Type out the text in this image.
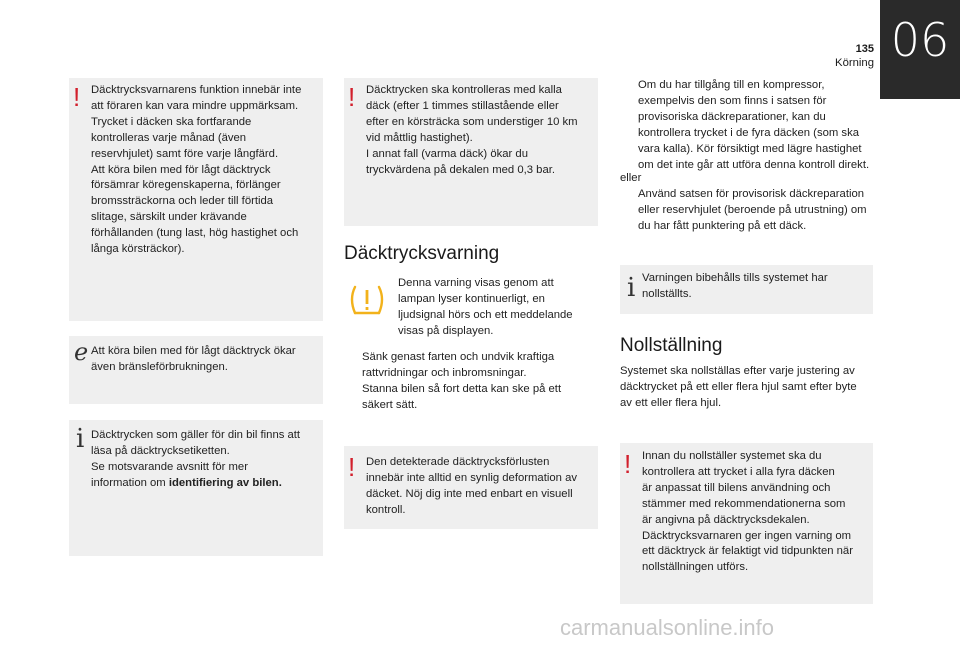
135
Körning 06
! Däcktrycksvarnarens funktion innebär inte
att föraren kan vara mindre uppmärksam.
Trycket i däcken ska fortfarande
kontrolleras varje månad (även
reservhjulet) samt före varje långfärd.
Att köra bilen med för lågt däcktryck
försämrar köregenskaperna, förlänger
bromssträckorna och leder till förtida
slitage, särskilt under krävande
förhållanden (tung last, hög hastighet och
långa körsträckor).
ℯ Att köra bilen med för lågt däcktryck ökar
även bränsleförbrukningen.
i Däcktrycken som gäller för din bil finns att
läsa på däcktrycksetiketten.
Se motsvarande avsnitt för mer
information om identifiering av bilen.
! Däcktrycken ska kontrolleras med kalla
däck (efter 1 timmes stillastående eller
efter en körsträcka som understiger 10 km
vid måttlig hastighet).
I annat fall (varma däck) ökar du
tryckvärdena på dekalen med 0,3 bar.
Däcktrycksvarning
Denna varning visas genom att
lampan lyser kontinuerligt, en
ljudsignal hörs och ett meddelande
visas på displayen.
Sänk genast farten och undvik kraftiga
rattvridningar och inbromsningar.
Stanna bilen så fort detta kan ske på ett
säkert sätt.
! Den detekterade däcktrycksförlusten
innebär inte alltid en synlig deformation av
däcket. Nöj dig inte med enbart en visuell
kontroll.
Om du har tillgång till en kompressor,
exempelvis den som finns i satsen för
provisoriska däckreparationer, kan du
kontrollera trycket i de fyra däcken (som ska
vara kalla). Kör försiktigt med lägre hastighet
om det inte går att utföra denna kontroll direkt.
eller
Använd satsen för provisorisk däckreparation
eller reservhjulet (beroende på utrustning) om
du har fått punktering på ett däck.
i Varningen bibehålls tills systemet har
nollställts.
Nollställning
Systemet ska nollställas efter varje justering av
däcktrycket på ett eller flera hjul samt efter byte
av ett eller flera hjul.
! Innan du nollställer systemet ska du
kontrollera att trycket i alla fyra däcken
är anpassat till bilens användning och
stämmer med rekommendationerna som
är angivna på däcktrycksdekalen.
Däcktrycksvarnaren ger ingen varning om
ett däcktryck är felaktigt vid tidpunkten när
nollställningen utförs.
carmanualsonline.info
